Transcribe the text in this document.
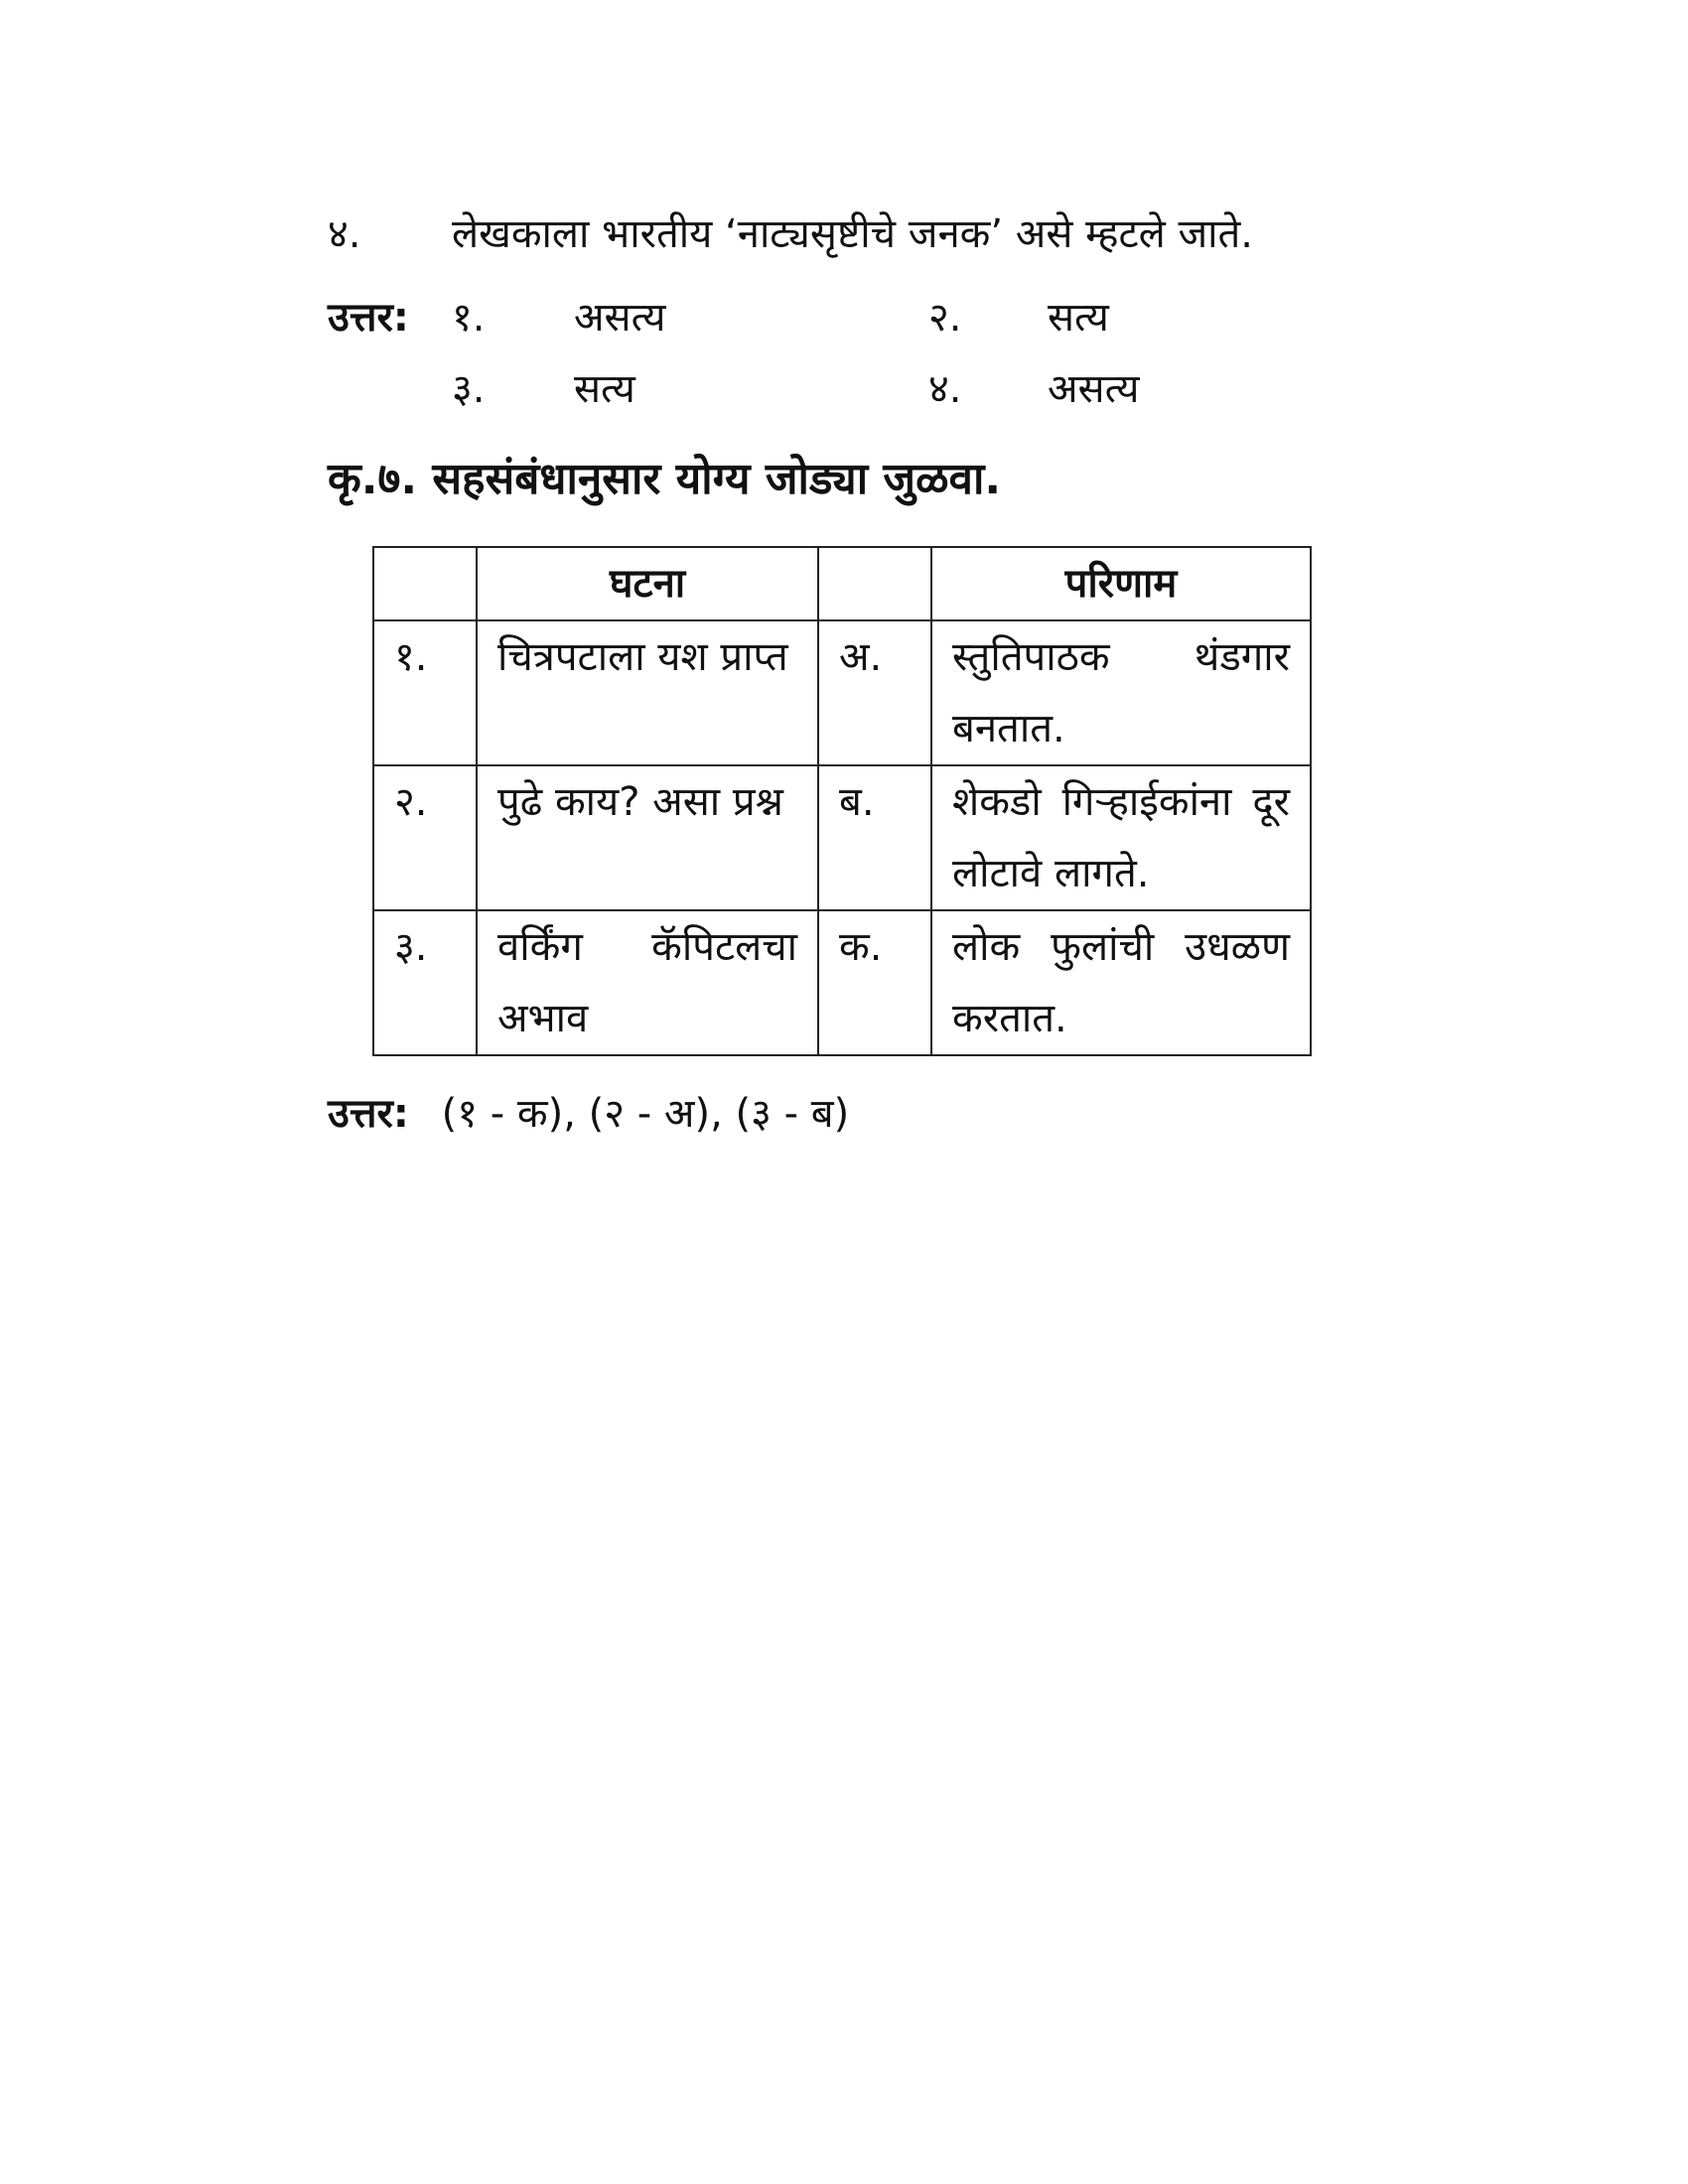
४. लेखकाला भारतीय ‘नाट्यसृष्टीचे जनक’ असे म्हटले जाते.
उत्तर: १. असत्य	२. सत्य
३. सत्य	४. असत्य
कृ.७. सहसंबंधानुसार योग्य जोड्या जुळवा.
	घटना		परिणाम
१.	चित्रपटाला यश प्राप्त	अ.	स्तुतिपाठक थंडगार बनतात.
२.	पुढे काय? असा प्रश्न	ब.	शेकडो गिऱ्हाईकांना दूर लोटावे लागते.
३.	वर्किंग कॅपिटलचा अभाव	क.	लोक फुलांची उधळण करतात.
उत्तर: (१ - क), (२ - अ), (३ - ब)
